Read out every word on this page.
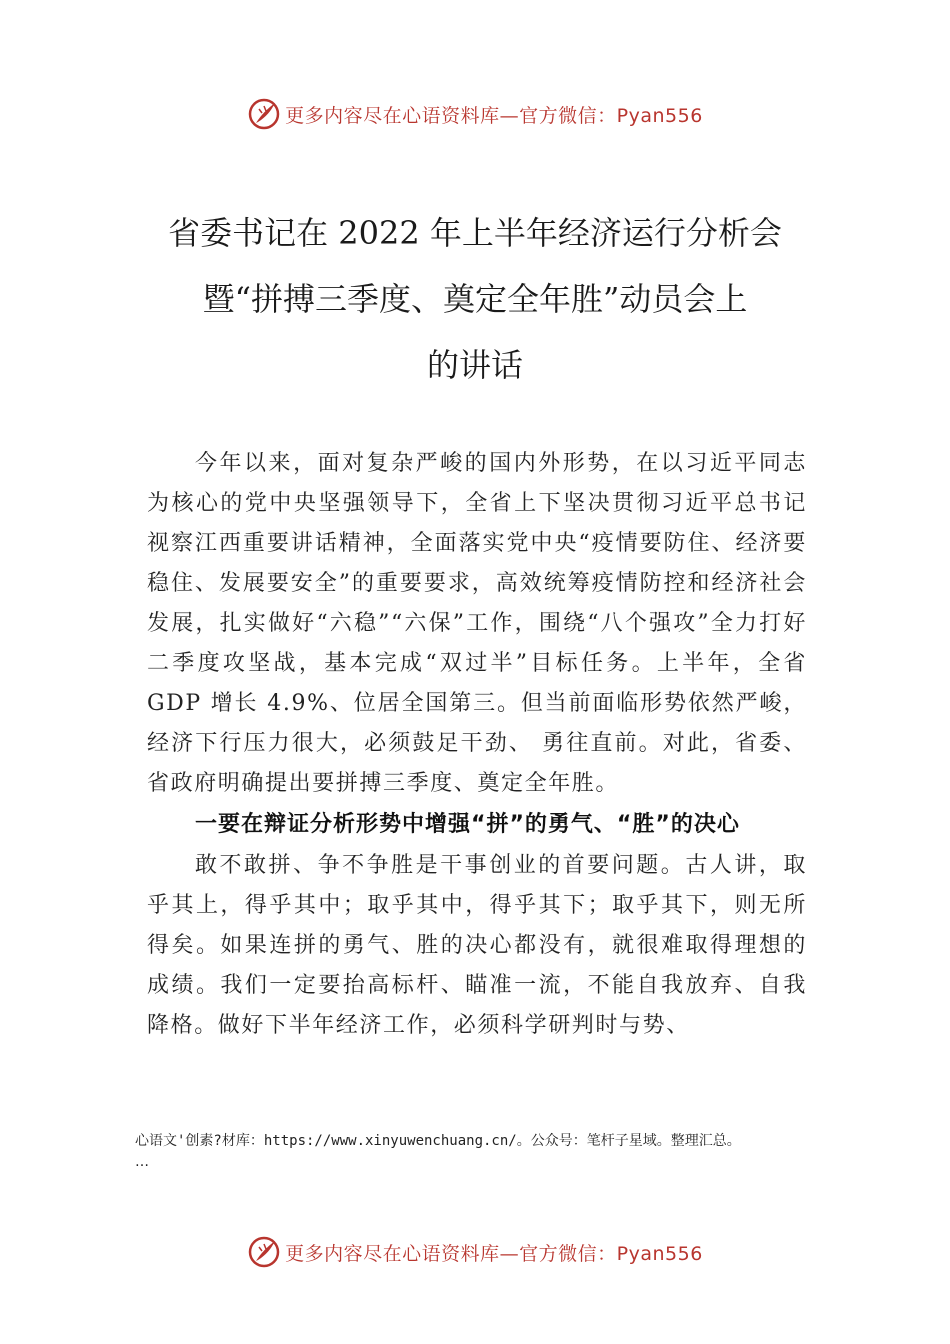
更多内容尽在心语资料库—官方微信：Pyan556
省委书记在 2022 年上半年经济运行分析会
暨“拼搏三季度、奠定全年胜”动员会上
的讲话

今年以来，面对复杂严峻的国内外形势，在以习近平同志为核心的党中央坚强领导下，全省上下坚决贯彻习近平总书记视察江西重要讲话精神，全面落实党中央“疫情要防住、经济要稳住、发展要安全”的重要要求，高效统筹疫情防控和经济社会发展，扎实做好“六稳”“六保”工作，围绕“八个强攻”全力打好二季度攻坚战，基本完成“双过半”目标任务。上半年，全省 GDP 增长 4.9%、位居全国第三。但当前面临形势依然严峻，经济下行压力很大，必须鼓足干劲、 勇往直前。对此，省委、省政府明确提出要拼搏三季度、奠定全年胜。

一要在辩证分析形势中增强“拼”的勇气、“胜”的决心

敢不敢拼、争不争胜是干事创业的首要问题。古人讲，取乎其上，得乎其中；取乎其中，得乎其下；取乎其下，则无所得矣。如果连拼的勇气、胜的决心都没有，就很难取得理想的成绩。我们一定要抬高标杆、瞄准一流，不能自我放弃、自我降格。做好下半年经济工作，必须科学研判时与势、

心语文'创素?材库：https://www.xinyuwenchuang.cn/。公众号：笔杆子星域。整理汇总。
…
更多内容尽在心语资料库—官方微信：Pyan556
